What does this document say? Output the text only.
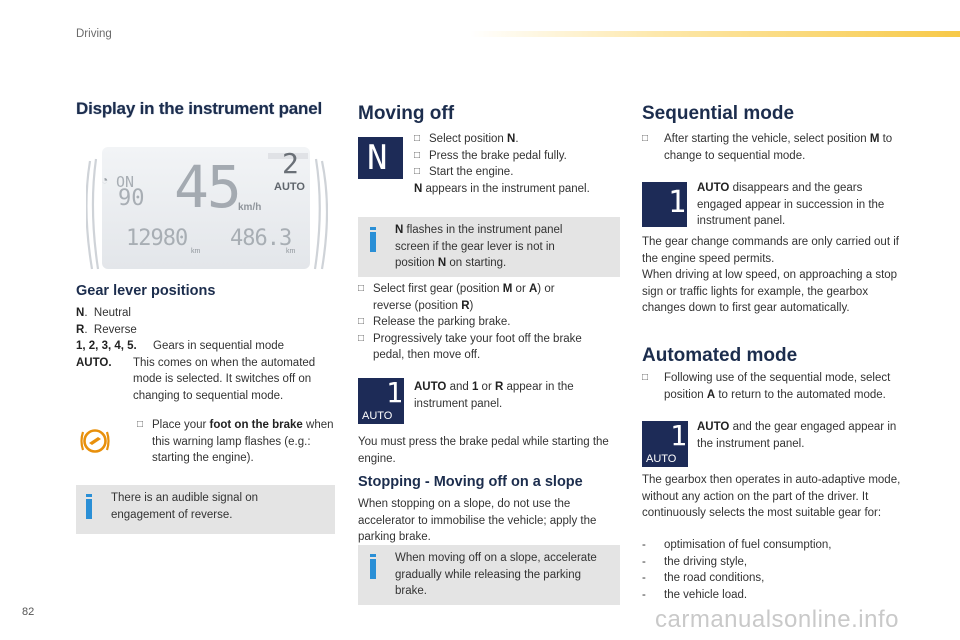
Driving
Display in the instrument panel
◔ ON
90 45
km/h
2
AUTO
12980
km
486.3
km
Gear lever positions
N. Neutral
R. Reverse
1, 2, 3, 4, 5.	Gears in sequential mode
AUTO.	This comes on when the automated mode is selected. It switches off on changing to sequential mode.
□ Place your foot on the brake when this warning lamp flashes (e.g.: starting the engine).
There is an audible signal on engagement of reverse.
Moving off
N	□ Select position N.
□ Press the brake pedal fully.
□ Start the engine.
N appears in the instrument panel.
N flashes in the instrument panel screen if the gear lever is not in position N on starting.
□ Select first gear (position M or A) or reverse (position R)
□ Release the parking brake.
□ Progressively take your foot off the brake pedal, then move off.
1
AUTO
AUTO and 1 or R appear in the instrument panel.
You must press the brake pedal while starting the engine.
Stopping - Moving off on a slope
When stopping on a slope, do not use the accelerator to immobilise the vehicle; apply the parking brake.
When moving off on a slope, accelerate gradually while releasing the parking brake.
Sequential mode
□	After starting the vehicle, select position M to change to sequential mode.
1 AUTO disappears and the gears engaged appear in succession in the instrument panel.
The gear change commands are only carried out if the engine speed permits.
When driving at low speed, on approaching a stop sign or traffic lights for example, the gearbox changes down to first gear automatically.
Automated mode
□	Following use of the sequential mode, select position A to return to the automated mode.
1
AUTO
AUTO and the gear engaged appear in the instrument panel.
The gearbox then operates in auto-adaptive mode, without any action on the part of the driver. It continuously selects the most suitable gear for:
-	optimisation of fuel consumption,
-	the driving style,
-	the road conditions,
-	the vehicle load.
82	carmanualsonline.info
